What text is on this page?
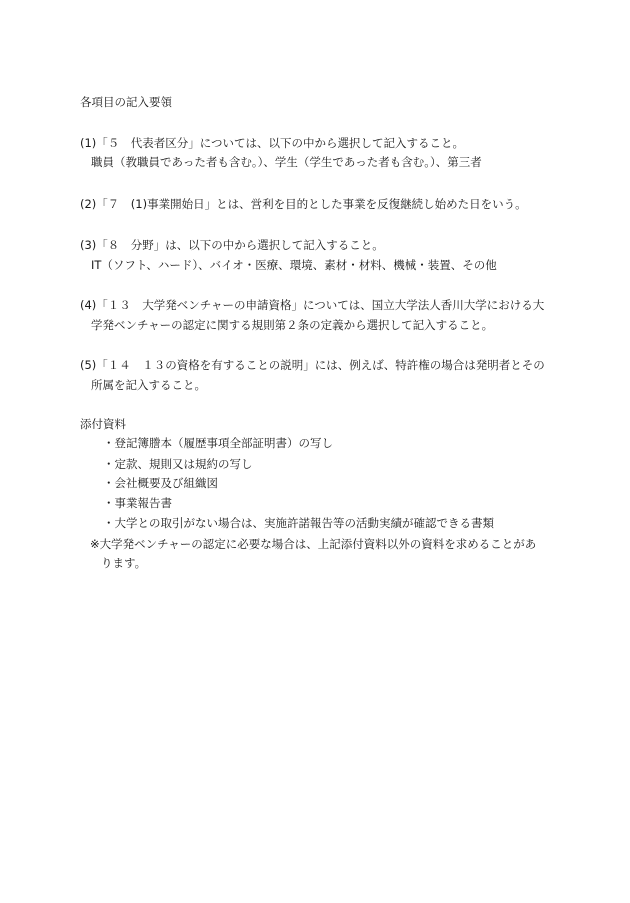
各項目の記入要領
(1)「５　代表者区分」については、以下の中から選択して記入すること。
職員（教職員であった者も含む。）、学生（学生であった者も含む。）、第三者
(2)「７　(1)事業開始日」とは、営利を目的とした事業を反復継続し始めた日をいう。
(3)「８　分野」は、以下の中から選択して記入すること。
IT（ソフト、ハード）、バイオ・医療、環境、素材・材料、機械・装置、その他
(4)「１３　大学発ベンチャーの申請資格」については、国立大学法人香川大学における大
学発ベンチャーの認定に関する規則第２条の定義から選択して記入すること。
(5)「１４　１３の資格を有することの説明」には、例えば、特許権の場合は発明者とその
所属を記入すること。
添付資料
・登記簿謄本（履歴事項全部証明書）の写し
・定款、規則又は規約の写し
・会社概要及び組織図
・事業報告書
・大学との取引がない場合は、実施許諾報告等の活動実績が確認できる書類
※大学発ベンチャーの認定に必要な場合は、上記添付資料以外の資料を求めることがあ
ります。
